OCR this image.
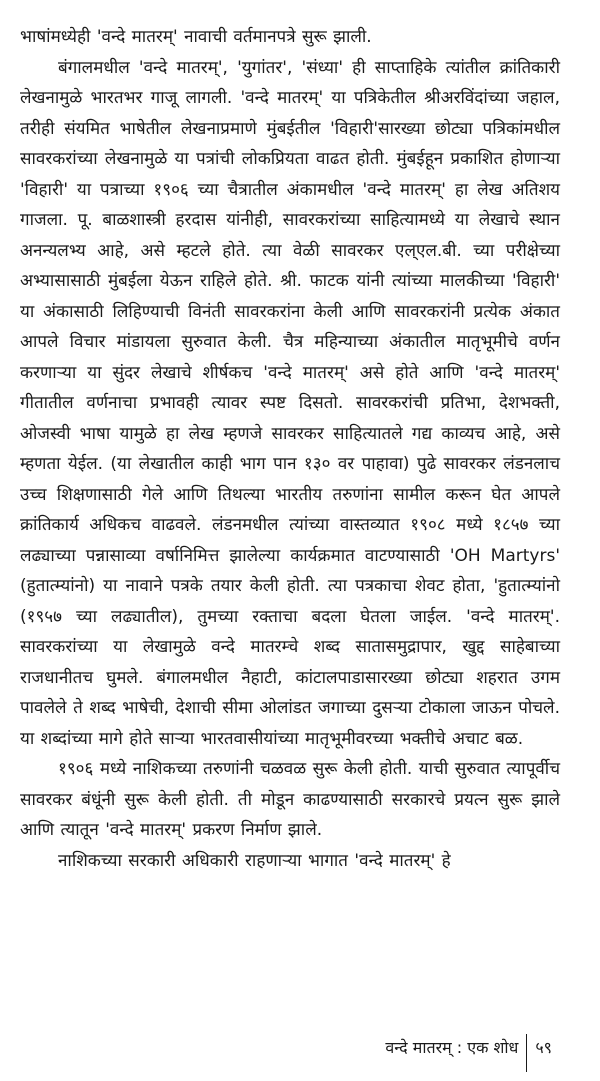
भाषांमध्येही 'वन्दे मातरम्' नावाची वर्तमानपत्रे सुरू झाली.

बंगालमधील 'वन्दे मातरम्', 'युगांतर', 'संध्या' ही साप्ताहिके त्यांतील क्रांतिकारी लेखनामुळे भारतभर गाजू लागली. 'वन्दे मातरम्' या पत्रिकेतील श्रीअरविंदांच्या जहाल, तरीही संयमित भाषेतील लेखनाप्रमाणे मुंबईतील 'विहारी'सारख्या छोट्या पत्रिकांमधील सावरकरांच्या लेखनामुळे या पत्रांची लोकप्रियता वाढत होती. मुंबईहून प्रकाशित होणाऱ्या 'विहारी' या पत्राच्या १९०६ च्या चैत्रातील अंकामधील 'वन्दे मातरम्' हा लेख अतिशय गाजला. पू. बाळशास्त्री हरदास यांनीही, सावरकरांच्या साहित्यामध्ये या लेखाचे स्थान अनन्यलभ्य आहे, असे म्हटले होते. त्या वेळी सावरकर एल्एल.बी. च्या परीक्षेच्या अभ्यासासाठी मुंबईला येऊन राहिले होते. श्री. फाटक यांनी त्यांच्या मालकीच्या 'विहारी' या अंकासाठी लिहिण्याची विनंती सावरकरांना केली आणि सावरकरांनी प्रत्येक अंकात आपले विचार मांडायला सुरुवात केली. चैत्र महिन्याच्या अंकातील मातृभूमीचे वर्णन करणाऱ्या या सुंदर लेखाचे शीर्षकच 'वन्दे मातरम्' असे होते आणि 'वन्दे मातरम्' गीतातील वर्णनाचा प्रभावही त्यावर स्पष्ट दिसतो. सावरकरांची प्रतिभा, देशभक्ती, ओजस्वी भाषा यामुळे हा लेख म्हणजे सावरकर साहित्यातले गद्य काव्यच आहे, असे म्हणता येईल. (या लेखातील काही भाग पान १३० वर पाहावा) पुढे सावरकर लंडनलाच उच्च शिक्षणासाठी गेले आणि तिथल्या भारतीय तरुणांना सामील करून घेत आपले क्रांतिकार्य अधिकच वाढवले. लंडनमधील त्यांच्या वास्तव्यात १९०८ मध्ये १८५७ च्या लढ्याच्या पन्नासाव्या वर्षानिमित्त झालेल्या कार्यक्रमात वाटण्यासाठी 'OH Martyrs' (हुतात्म्यांनो) या नावाने पत्रके तयार केली होती. त्या पत्रकाचा शेवट होता, 'हुतात्म्यांनो (१९५७ च्या लढ्यातील), तुमच्या रक्ताचा बदला घेतला जाईल. 'वन्दे मातरम्'. सावरकरांच्या या लेखामुळे वन्दे मातरम्चे शब्द सातासमुद्रापार, खुद्द साहेबाच्या राजधानीतच घुमले. बंगालमधील नैहाटी, कांटालपाडासारख्या छोट्या शहरात उगम पावलेले ते शब्द भाषेची, देशाची सीमा ओलांडत जगाच्या दुसऱ्या टोकाला जाऊन पोचले. या शब्दांच्या मागे होते साऱ्या भारतवासीयांच्या मातृभूमीवरच्या भक्तीचे अचाट बळ.

१९०६ मध्ये नाशिकच्या तरुणांनी चळवळ सुरू केली होती. याची सुरुवात त्यापूर्वीच सावरकर बंधूंनी सुरू केली होती. ती मोडून काढण्यासाठी सरकारचे प्रयत्न सुरू झाले आणि त्यातून 'वन्दे मातरम्' प्रकरण निर्माण झाले.

नाशिकच्या सरकारी अधिकारी राहणाऱ्या भागात 'वन्दे मातरम्' हे

वन्दे मातरम् : एक शोध ५९
